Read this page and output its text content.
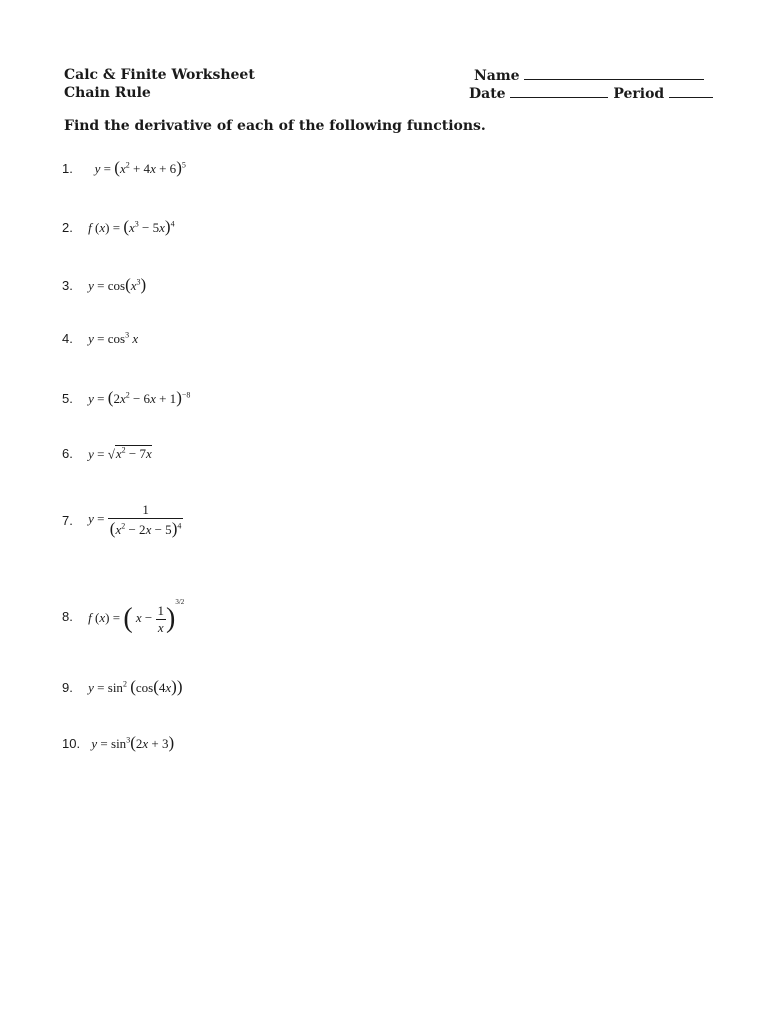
Calc & Finite Worksheet
Chain Rule
Name
Date	Period
Find the derivative of each of the following functions.
1. $y = (x^2 + 4x + 6)^5$
2. f $(x) = (x^3 - 5x)^4$
3. $y = \cos(x^3)$
4. $y = \cos^3 x$
5. $y = (2x^2 - 6x + 1)^{-8}$
6. $y = √x^2 - 7x$
7. $y = \frac{1}{(x^2 - 2x - 5)^4}$
8. f (x) = ( $x - \frac{1}{x} )^{3/2}$
9. $y = \sin^2 (\cos(4x))$
10. $y = \sin^3(2x + 3)$
